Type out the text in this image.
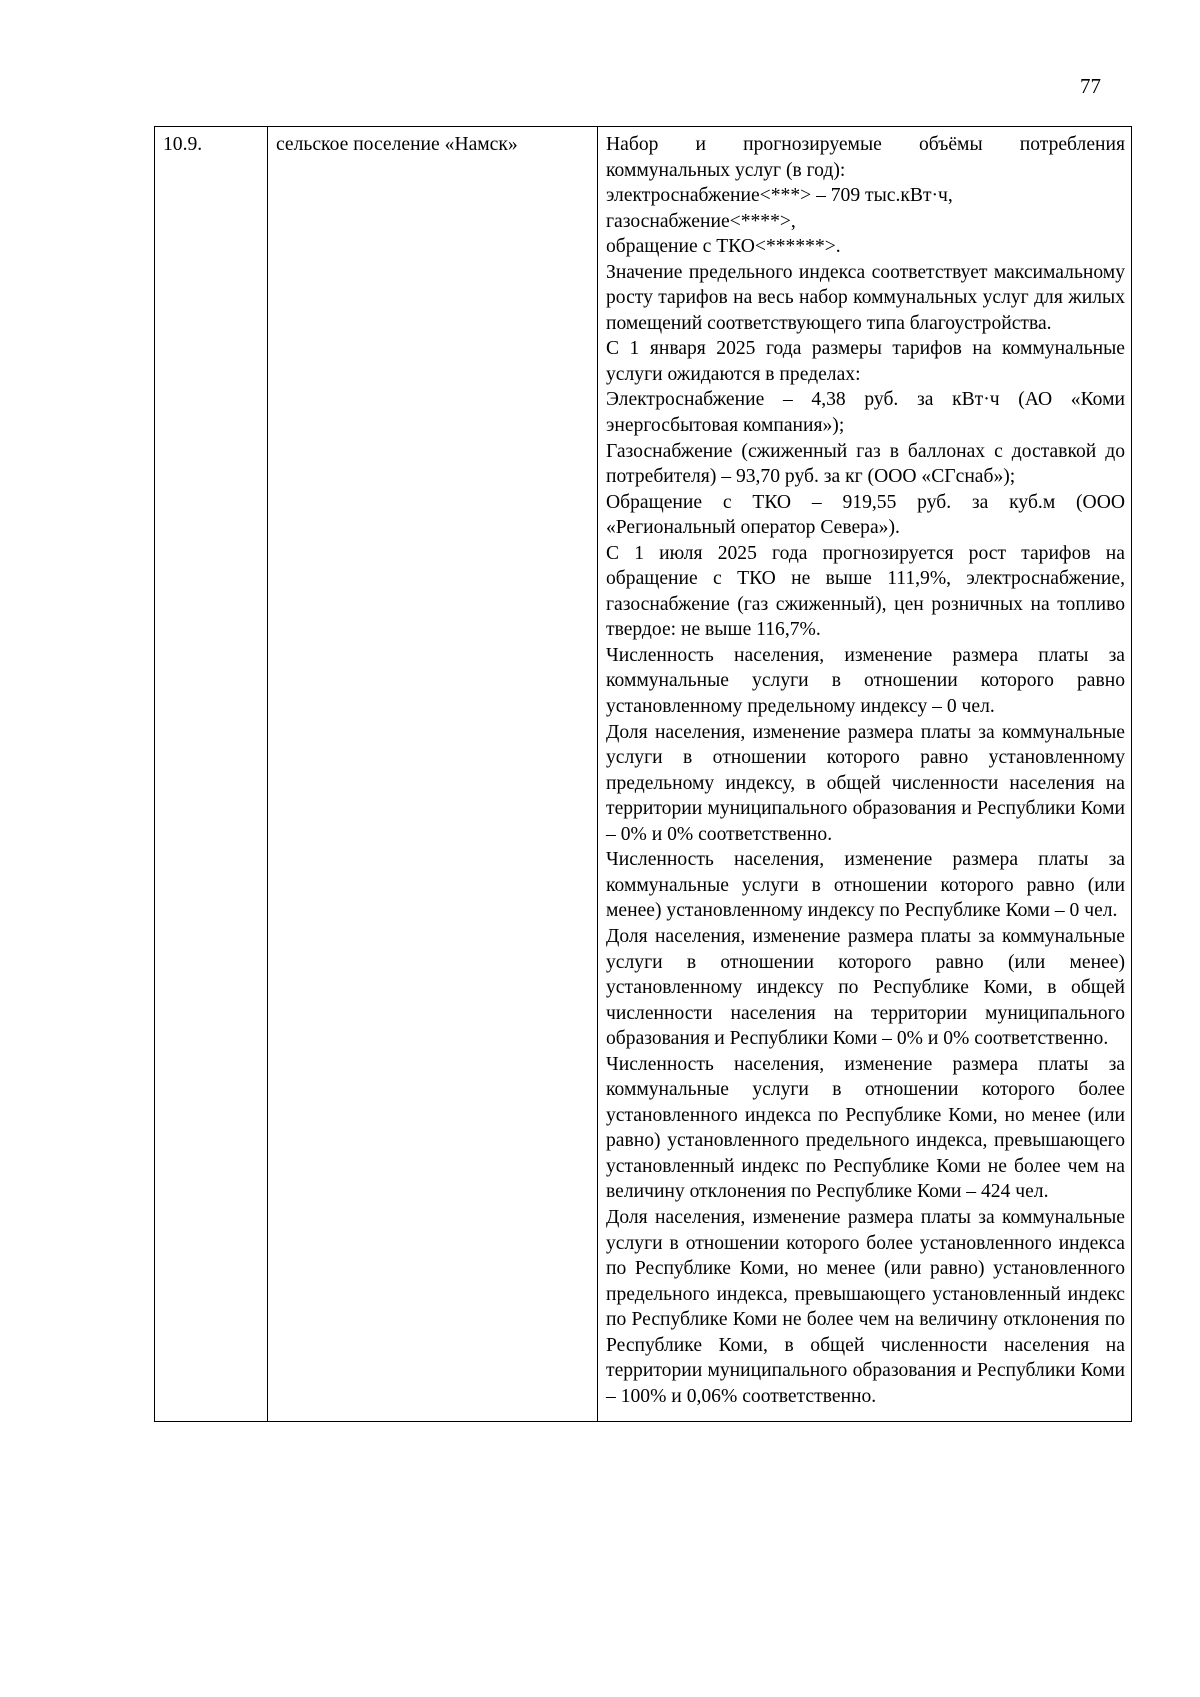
77
10.9.	сельское поселение «Намск»	Набор и прогнозируемые объёмы потребления коммунальных услуг (в год):

электроснабжение<***> – 709 тыс.кВт·ч,

газоснабжение<****>,

обращение с ТКО<******>.

Значение предельного индекса соответствует максимальному росту тарифов на весь набор коммунальных услуг для жилых помещений соответствующего типа благоустройства.

С 1 января 2025 года размеры тарифов на коммунальные услуги ожидаются в пределах:

Электроснабжение – 4,38 руб. за кВт·ч (АО «Коми энергосбытовая компания»);

Газоснабжение (сжиженный газ в баллонах с доставкой до потребителя) – 93,70 руб. за кг (ООО «СГснаб»);

Обращение с ТКО – 919,55 руб. за куб.м (ООО «Региональный оператор Севера»).

С 1 июля 2025 года прогнозируется рост тарифов на обращение с ТКО не выше 111,9%, электроснабжение, газоснабжение (газ сжиженный), цен розничных на топливо твердое: не выше 116,7%.

Численность населения, изменение размера платы за коммунальные услуги в отношении которого равно установленному предельному индексу – 0 чел.

Доля населения, изменение размера платы за коммунальные услуги в отношении которого равно установленному предельному индексу, в общей численности населения на территории муниципального образования и Республики Коми – 0% и 0% соответственно.

Численность населения, изменение размера платы за коммунальные услуги в отношении которого равно (или менее) установленному индексу по Республике Коми – 0 чел.

Доля населения, изменение размера платы за коммунальные услуги в отношении которого равно (или менее) установленному индексу по Республике Коми, в общей численности населения на территории муниципального образования и Республики Коми – 0% и 0% соответственно.

Численность населения, изменение размера платы за коммунальные услуги в отношении которого более установленного индекса по Республике Коми, но менее (или равно) установленного предельного индекса, превышающего установленный индекс по Республике Коми не более чем на величину отклонения по Республике Коми – 424 чел.

Доля населения, изменение размера платы за коммунальные услуги в отношении которого более установленного индекса по Республике Коми, но менее (или равно) установленного предельного индекса, превышающего установленный индекс по Республике Коми не более чем на величину отклонения по Республике Коми, в общей численности населения на территории муниципального образования и Республики Коми – 100% и 0,06% соответственно.
